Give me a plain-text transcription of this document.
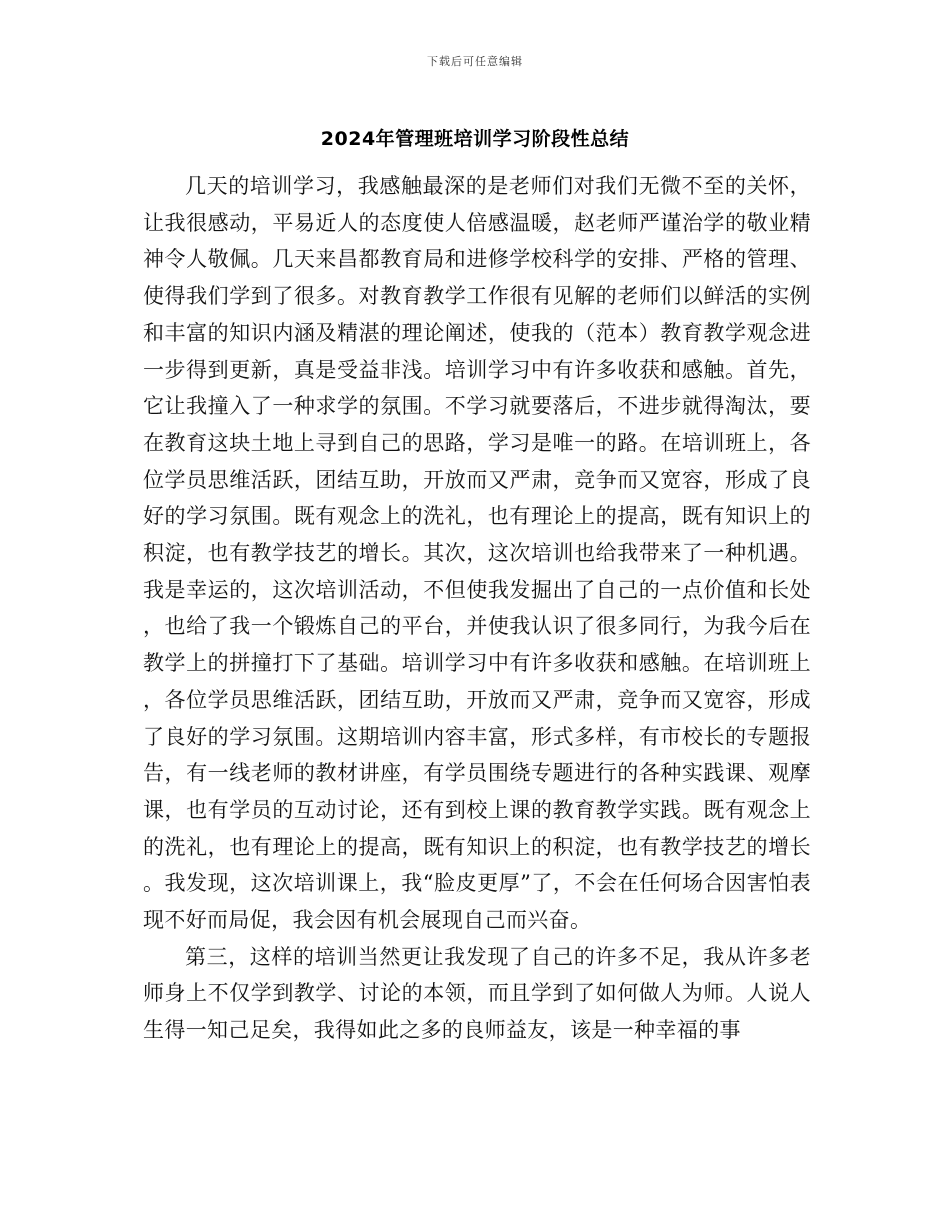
下载后可任意编辑
2024年管理班培训学习阶段性总结

几天的培训学习，我感触最深的是老师们对我们无微不至的关怀，让我很感动，平易近人的态度使人倍感温暖，赵老师严谨治学的敬业精神令人敬佩。几天来昌都教育局和进修学校科学的安排、严格的管理、使得我们学到了很多。对教育教学工作很有见解的老师们以鲜活的实例和丰富的知识内涵及精湛的理论阐述，使我的（范本）教育教学观念进一步得到更新，真是受益非浅。培训学习中有许多收获和感触。首先，它让我撞入了一种求学的氛围。不学习就要落后，不进步就得淘汰，要在教育这块土地上寻到自己的思路，学习是唯一的路。在培训班上，各位学员思维活跃，团结互助，开放而又严肃，竞争而又宽容，形成了良好的学习氛围。既有观念上的洗礼，也有理论上的提高，既有知识上的积淀，也有教学技艺的增长。其次，这次培训也给我带来了一种机遇。我是幸运的，这次培训活动，不但使我发掘出了自己的一点价值和长处，也给了我一个锻炼自己的平台，并使我认识了很多同行，为我今后在教学上的拼撞打下了基础。培训学习中有许多收获和感触。在培训班上，各位学员思维活跃，团结互助，开放而又严肃，竞争而又宽容，形成了良好的学习氛围。这期培训内容丰富，形式多样，有市校长的专题报告，有一线老师的教材讲座，有学员围绕专题进行的各种实践课、观摩课，也有学员的互动讨论，还有到校上课的教育教学实践。既有观念上的洗礼，也有理论上的提高，既有知识上的积淀，也有教学技艺的增长。我发现，这次培训课上，我“脸皮更厚”了，不会在任何场合因害怕表现不好而局促，我会因有机会展现自己而兴奋。

第三，这样的培训当然更让我发现了自己的许多不足，我从许多老师身上不仅学到教学、讨论的本领，而且学到了如何做人为师。人说人生得一知己足矣，我得如此之多的良师益友，该是一种幸福的事
